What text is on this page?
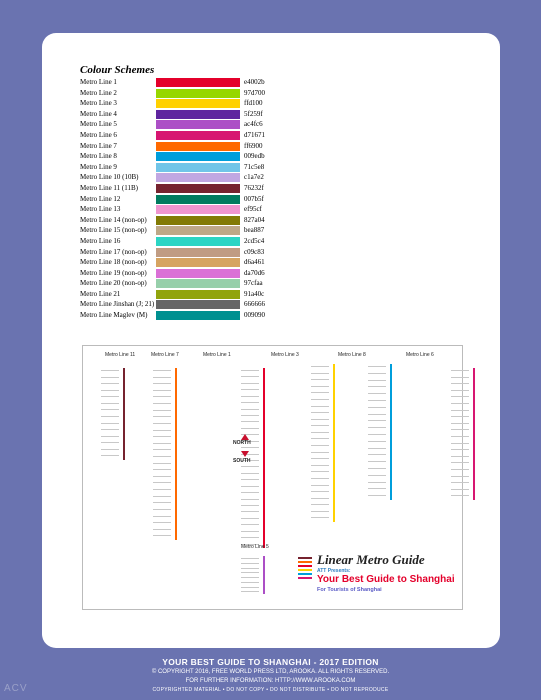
Colour Schemes
Metro Line 1	e4002b
Metro Line 2	97d700
Metro Line 3	ffd100
Metro Line 4	5f259f
Metro Line 5	ac4fc6
Metro Line 6	d71671
Metro Line 7	ff6900
Metro Line 8	009edb
Metro Line 9	71c5e8
Metro Line 10 (10B)	c1a7e2
Metro Line 11 (11B)	76232f
Metro Line 12	007b5f
Metro Line 13	ef95cf
Metro Line 14 (non-op)	827a04
Metro Line 15 (non-op)	bea887
Metro Line 16	2cd5c4
Metro Line 17 (non-op)	c09c83
Metro Line 18 (non-op)	d6a461
Metro Line 19 (non-op)	da70d6
Metro Line 20 (non-op)	97cfaa
Metro Line 21	91a40c
Metro Line Jinshan (J; 21)	666666
Metro Line Maglev (M)	009090
Metro Line 11	Metro Line 7	Metro Line 1	Metro Line 3	Metro Line 8	Metro Line 6
Metro Line 5
NORTH
SOUTH
Linear Metro Guide
ATT Presents:
Your Best Guide to Shanghai
For Tourists of Shanghai
YOUR BEST GUIDE TO SHANGHAI - 2017 EDITION
© COPYRIGHT 2016, FREE WORLD PRESS LTD, AROOKA. ALL RIGHTS RESERVED.
FOR FURTHER INFORMATION: HTTP://WWW.AROOKA.COM
COPYRIGHTED MATERIAL • DO NOT COPY • DO NOT DISTRIBUTE • DO NOT REPRODUCE
ACV
